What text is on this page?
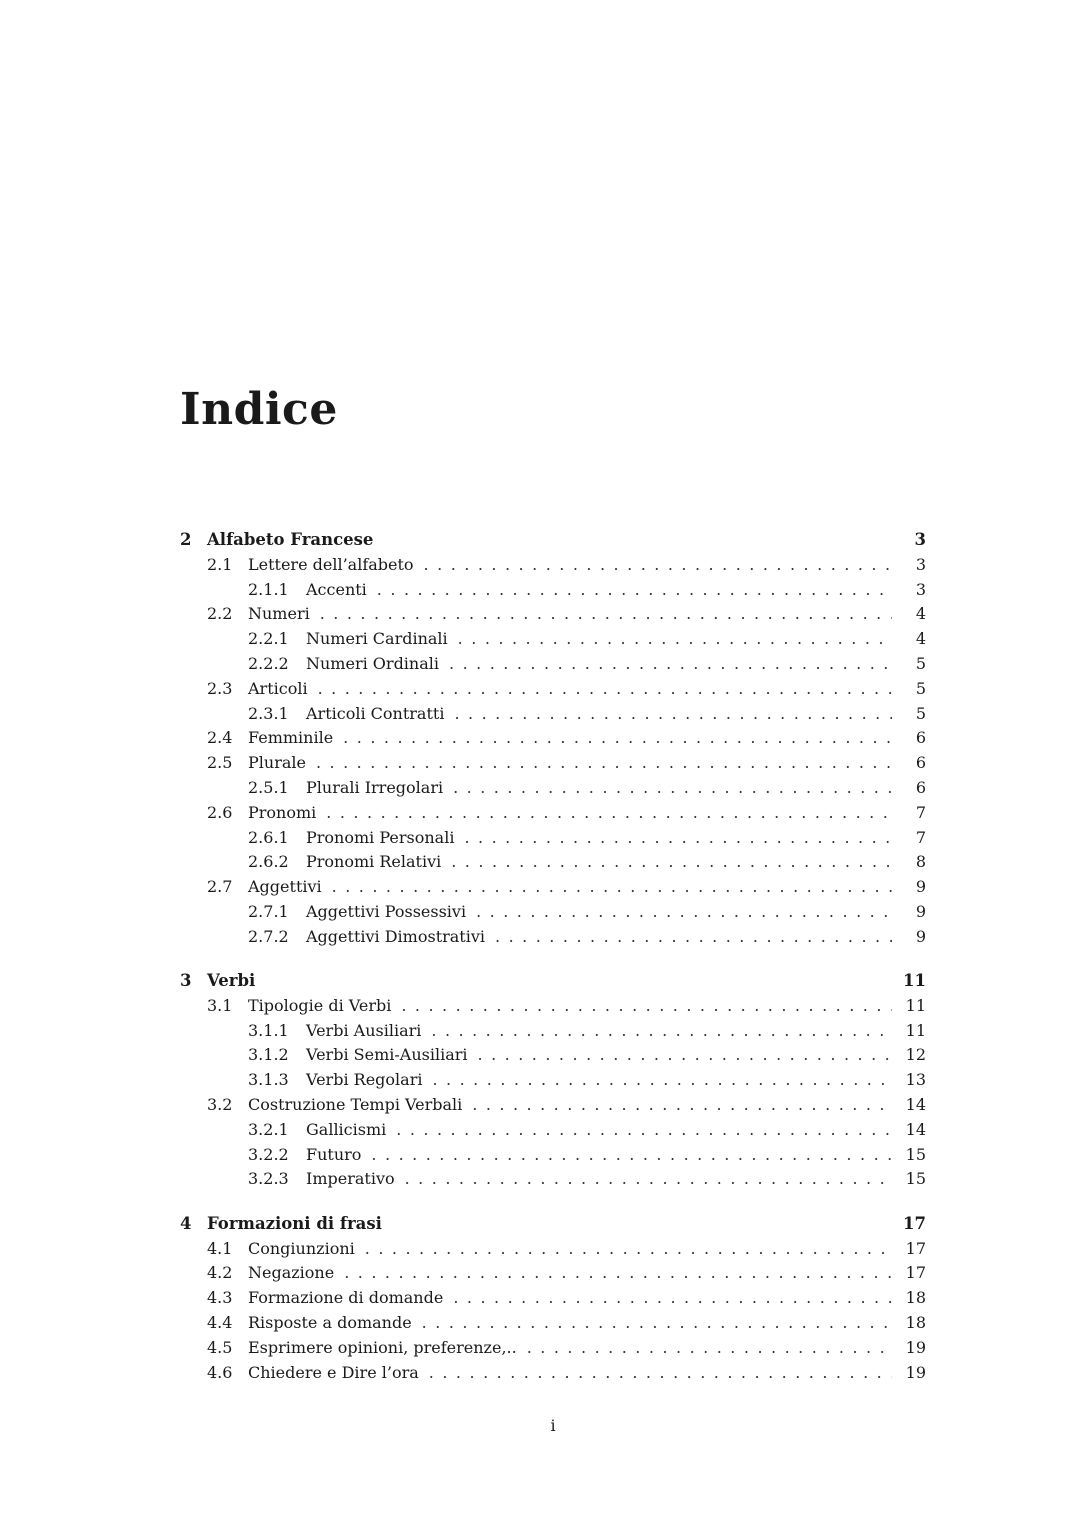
Indice
2 Alfabeto Francese	3
2.1 Lettere dell’alfabeto . . .	3
2.1.1	Accenti . . .	3
2.2 Numeri . . .	4
2.2.1	Numeri Cardinali . . .	4
2.2.2	Numeri Ordinali . . .	5
2.3 Articoli . . .	5
2.3.1	Articoli Contratti . . .	5
2.4 Femminile . . .	6
2.5 Plurale . . .	6
2.5.1	Plurali Irregolari . . .	6
2.6 Pronomi . . .	7
2.6.1	Pronomi Personali . . .	7
2.6.2	Pronomi Relativi . . .	8
2.7 Aggettivi . . .	9
2.7.1	Aggettivi Possessivi . . .	9
2.7.2	Aggettivi Dimostrativi . . .	9
3 Verbi	11
3.1 Tipologie di Verbi . . .	11
3.1.1	Verbi Ausiliari . . .	11
3.1.2	Verbi Semi-Ausiliari . . .	12
3.1.3	Verbi Regolari . . .	13
3.2 Costruzione Tempi Verbali . . .	14
3.2.1	Gallicismi . . .	14
3.2.2	Futuro . . .	15
3.2.3	Imperativo . . .	15
4 Formazioni di frasi	17
4.1 Congiunzioni . . .	17
4.2 Negazione . . .	17
4.3 Formazione di domande . . .	18
4.4 Risposte a domande . . .	18
4.5 Esprimere opinioni, preferenze,.. . . .	19
4.6 Chiedere e Dire l’ora . . .	19
i
